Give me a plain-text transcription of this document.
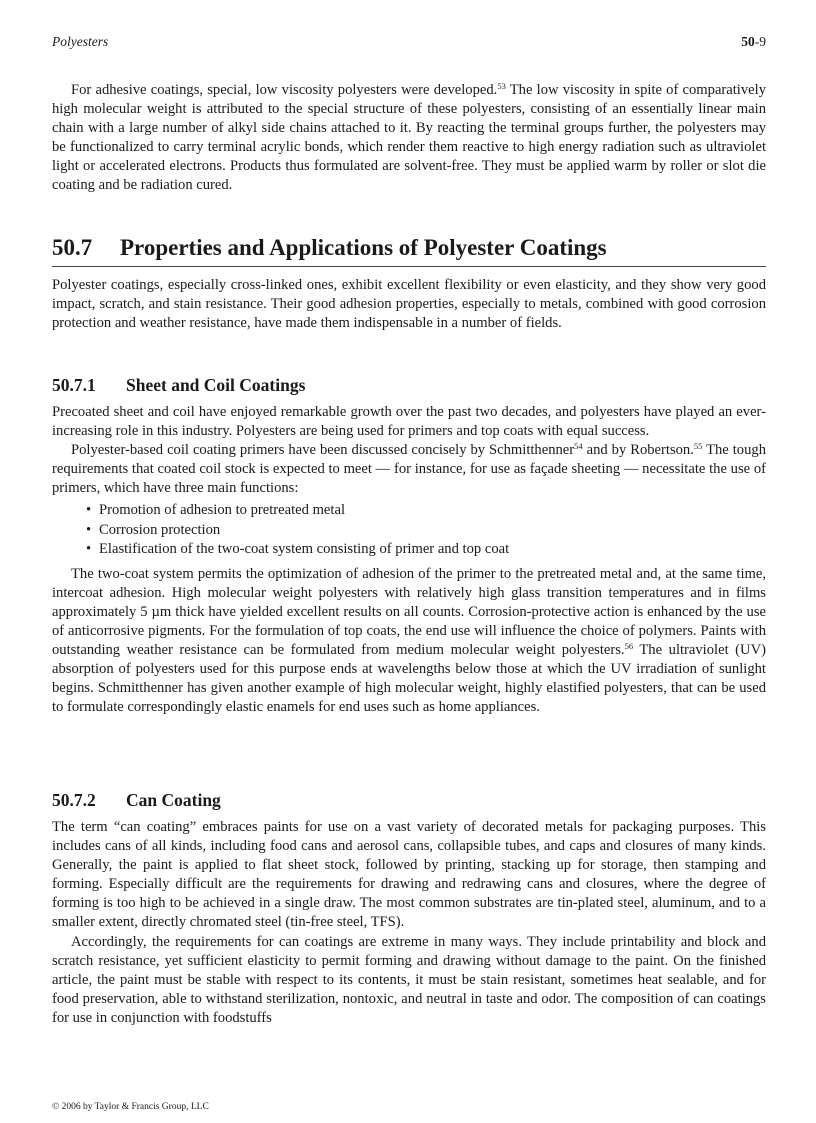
Polyesters	50-9

For adhesive coatings, special, low viscosity polyesters were developed.$^{53}$ The low viscosity in spite of comparatively high molecular weight is attributed to the special structure of these polyesters, consisting of an essentially linear main chain with a large number of alkyl side chains attached to it. By reacting the terminal groups further, the polyesters may be functionalized to carry terminal acrylic bonds, which render them reactive to high energy radiation such as ultraviolet light or accelerated electrons. Products thus formulated are solvent-free. They must be applied warm by roller or slot die coating and be radiation cured.

50.7 Properties and Applications of Polyester Coatings

Polyester coatings, especially cross-linked ones, exhibit excellent flexibility or even elasticity, and they show very good impact, scratch, and stain resistance. Their good adhesion properties, especially to metals, combined with good corrosion protection and weather resistance, have made them indispensable in a number of fields.

50.7.1 Sheet and Coil Coatings

Precoated sheet and coil have enjoyed remarkable growth over the past two decades, and polyesters have played an ever-increasing role in this industry. Polyesters are being used for primers and top coats with equal success.

Polyester-based coil coating primers have been discussed concisely by Schmitthenner$^{54}$ and by Robertson.$^{55}$ The tough requirements that coated coil stock is expected to meet — for instance, for use as façade sheeting — necessitate the use of primers, which have three main functions:

• Promotion of adhesion to pretreated metal
• Corrosion protection
• Elastification of the two-coat system consisting of primer and top coat

The two-coat system permits the optimization of adhesion of the primer to the pretreated metal and, at the same time, intercoat adhesion. High molecular weight polyesters with relatively high glass transition temperatures and in films approximately 5 µm thick have yielded excellent results on all counts. Corrosion-protective action is enhanced by the use of anticorrosive pigments. For the formulation of top coats, the end use will influence the choice of polymers. Paints with outstanding weather resistance can be formulated from medium molecular weight polyesters.$^{56}$ The ultraviolet (UV) absorption of polyesters used for this purpose ends at wavelengths below those at which the UV irradiation of sunlight begins. Schmitthenner has given another example of high molecular weight, highly elastified polyesters, that can be used to formulate correspondingly elastic enamels for end uses such as home appliances.

50.7.2 Can Coating

The term “can coating” embraces paints for use on a vast variety of decorated metals for packaging purposes. This includes cans of all kinds, including food cans and aerosol cans, collapsible tubes, and caps and closures of many kinds. Generally, the paint is applied to flat sheet stock, followed by printing, stacking up for storage, then stamping and forming. Especially difficult are the requirements for drawing and redrawing cans and closures, where the degree of forming is too high to be achieved in a single draw. The most common substrates are tin-plated steel, aluminum, and to a smaller extent, directly chromated steel (tin-free steel, TFS).

Accordingly, the requirements for can coatings are extreme in many ways. They include printability and block and scratch resistance, yet sufficient elasticity to permit forming and drawing without damage to the paint. On the finished article, the paint must be stable with respect to its contents, it must be stain resistant, sometimes heat sealable, and for food preservation, able to withstand sterilization, nontoxic, and neutral in taste and odor. The composition of can coatings for use in conjunction with foodstuffs

© 2006 by Taylor & Francis Group, LLC
